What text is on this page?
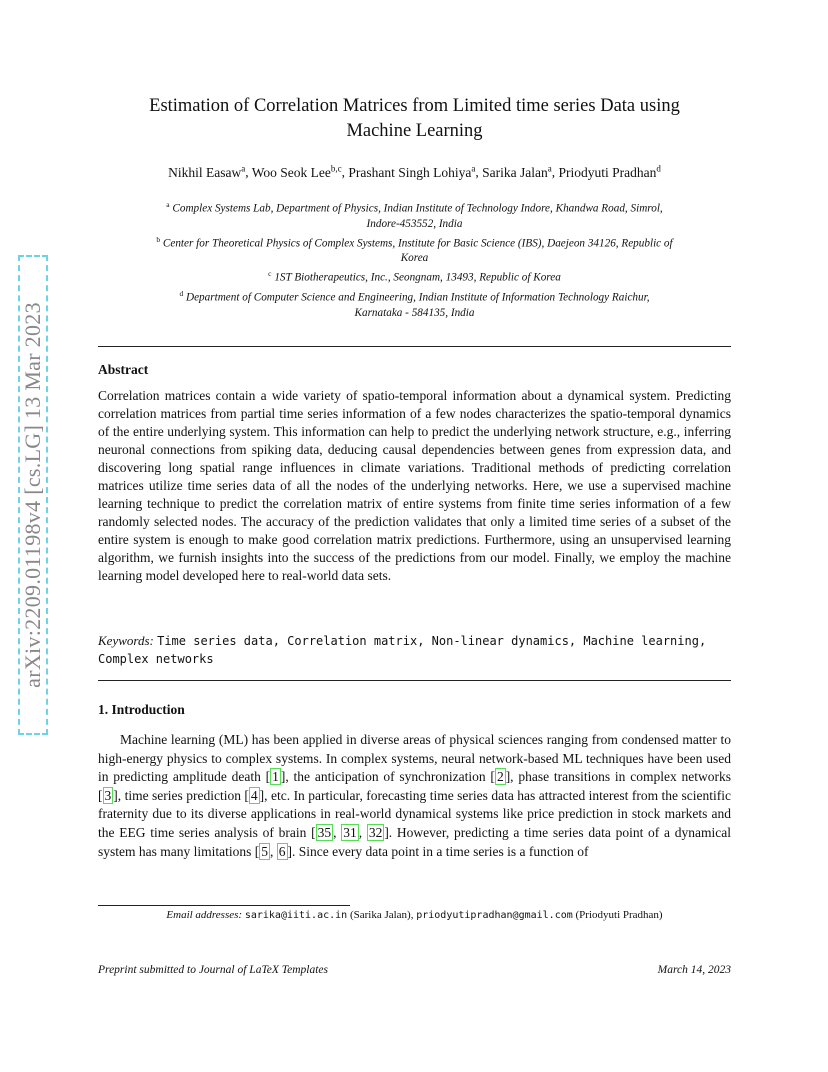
arXiv:2209.01198v4 [cs.LG] 13 Mar 2023
Estimation of Correlation Matrices from Limited time series Data using
Machine Learning
Nikhil Easaw$^a$, Woo Seok Lee$^{b,c}$, Prashant Singh Lohiya$^a$, Sarika Jalan$^a$, Priodyuti Pradhan$^d$
$^a$ Complex Systems Lab, Department of Physics, Indian Institute of Technology Indore, Khandwa Road, Simrol,
Indore-453552, India
$^b$ Center for Theoretical Physics of Complex Systems, Institute for Basic Science (IBS), Daejeon 34126, Republic of
Korea
$^c$ 1ST Biotherapeutics, Inc., Seongnam, 13493, Republic of Korea
$^d$ Department of Computer Science and Engineering, Indian Institute of Information Technology Raichur,
Karnataka - 584135, India
Abstract
Correlation matrices contain a wide variety of spatio-temporal information about a dynamical system. Predicting correlation matrices from partial time series information of a few nodes characterizes the spatio-temporal dynamics of the entire underlying system. This information can help to predict the underlying network structure, e.g., inferring neuronal connections from spiking data, deducing causal dependencies between genes from expression data, and discovering long spatial range influences in climate variations. Traditional methods of predicting correlation matrices utilize time series data of all the nodes of the underlying networks. Here, we use a supervised machine learning technique to predict the correlation matrix of entire systems from finite time series information of a few randomly selected nodes. The accuracy of the prediction validates that only a limited time series of a subset of the entire system is enough to make good correlation matrix predictions. Furthermore, using an unsupervised learning algorithm, we furnish insights into the success of the predictions from our model. Finally, we employ the machine learning model developed here to real-world data sets.
Keywords: Time series data, Correlation matrix, Non-linear dynamics, Machine learning, Complex networks
1. Introduction
Machine learning (ML) has been applied in diverse areas of physical sciences ranging from condensed matter to high-energy physics to complex systems. In complex systems, neural network-based ML techniques have been used in predicting amplitude death [ 1 ], the anticipation of synchronization [ 2 ], phase transitions in complex networks [ 3 ], time series prediction [ 4 ], etc. In particular, forecasting time series data has attracted interest from the scientific fraternity due to its diverse applications in real-world dynamical systems like price prediction in stock markets and the EEG time series analysis of brain [ 35 , 31 , 32 ]. However, predicting a time series data point of a dynamical system has many limitations [ 5 , 6 ]. Since every data point in a time series is a function of
Email addresses: sarika@iiti.ac.in (Sarika Jalan), priodyutipradhan@gmail.com (Priodyuti Pradhan)
Preprint submitted to Journal of LaTeX Templates	March 14, 2023
